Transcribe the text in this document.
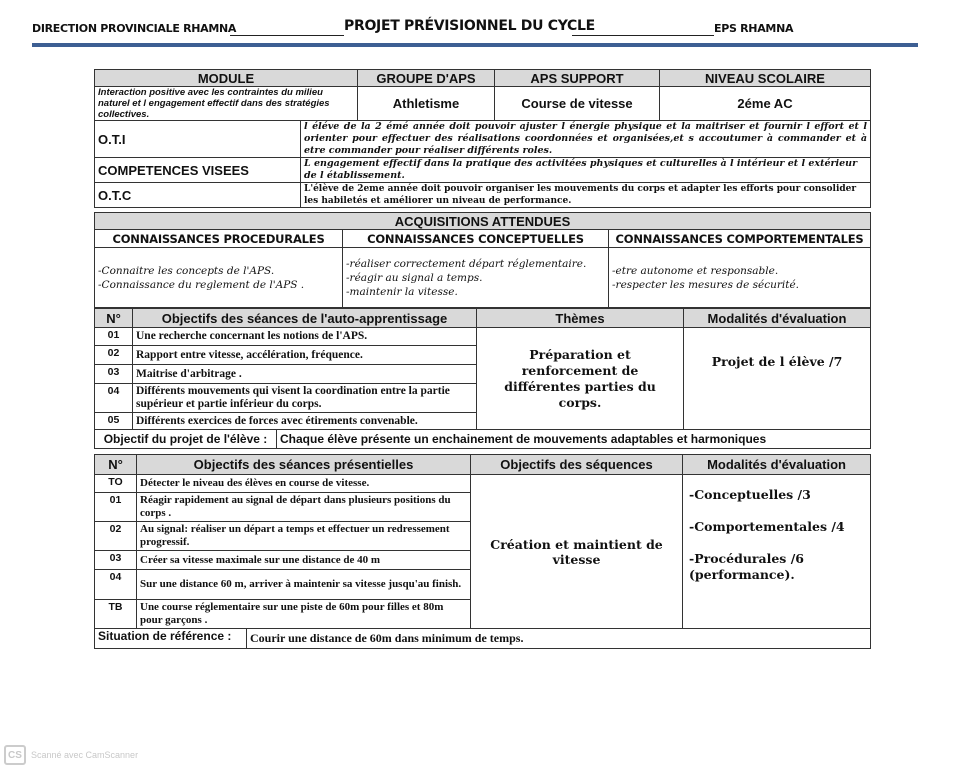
DIRECTION PROVINCIALE RHAMNA	PROJET PRÉVISIONNEL DU CYCLE	EPS RHAMNA
MODULE		GROUPE D'APS	APS SUPPORT	NIVEAU SCOLAIRE
Interaction positive avec les contraintes du milieu naturel et l engagement effectif dans des stratégies collectives.		Athletisme	Course de vitesse	2éme AC
O.T.I	l éléve de la 2 émé année doit pouvoir ajuster l énergie physique et la maitriser et fournir l effort et l orienter pour effectuer des réalisations coordonnées et organisées,et s accoutumer à commander et à etre commander pour réaliser différents roles.			
COMPETENCES VISEES	L engagement effectif dans la pratique des activitées physiques et culturelles à l intérieur et l extérieur de l établissement.			
O.T.C	L'élève de 2eme année doit pouvoir organiser les mouvements du corps et adapter les efforts pour consolider les habiletés et améliorer un niveau de performance.			
ACQUISITIONS ATTENDUES		
CONNAISSANCES PROCEDURALES	CONNAISSANCES CONCEPTUELLES	CONNAISSANCES COMPORTEMENTALES

-Connaitre les concepts de l'APS.
-Connaissance du reglement de l'APS .

-réaliser correctement départ réglementaire.
-réagir au signal a temps.
-maintenir la vitesse.

-etre autonome et responsable.
-respecter les mesures de sécurité.
N°	Objectifs des séances de l'auto-apprentissage		Thèmes	Modalités d'évaluation
01	Une recherche concernant les notions de l'APS.		Préparation et renforcement de différentes parties du corps.	Projet de l élève /7
02	Rapport entre vitesse, accélération, fréquence.			
03	Maitrise d'arbitrage .			
04	Différents mouvements qui visent la coordination entre la partie supérieur et partie inférieur du corps.			
05	Différents exercices de forces avec étirements convenable.			
Objectif du projet de l'élève :		Chaque élève présente un enchainement de mouvements adaptables et harmoniques		
N°	Objectifs des séances présentielles		Objectifs des séquences	Modalités d'évaluation
TO	Détecter le niveau des élèves en course de vitesse.		Création et maintient de vitesse	-Conceptuelles /3
-Comportementales /4
-Procédurales /6 (performance).

01	Réagir rapidement au signal de départ dans plusieurs positions du corps .			
02	Au signal: réaliser un départ a temps et effectuer un redressement progressif.			
03	Créer sa vitesse maximale sur une distance de 40 m			
04	Sur une distance 60 m, arriver à maintenir sa vitesse jusqu'au finish.			
TB	Une course réglementaire sur une piste de 60m pour filles et 80m pour garçons .			
Situation de référence :		Courir une distance de 60m dans minimum de temps.		
CS	Scanné avec CamScanner
